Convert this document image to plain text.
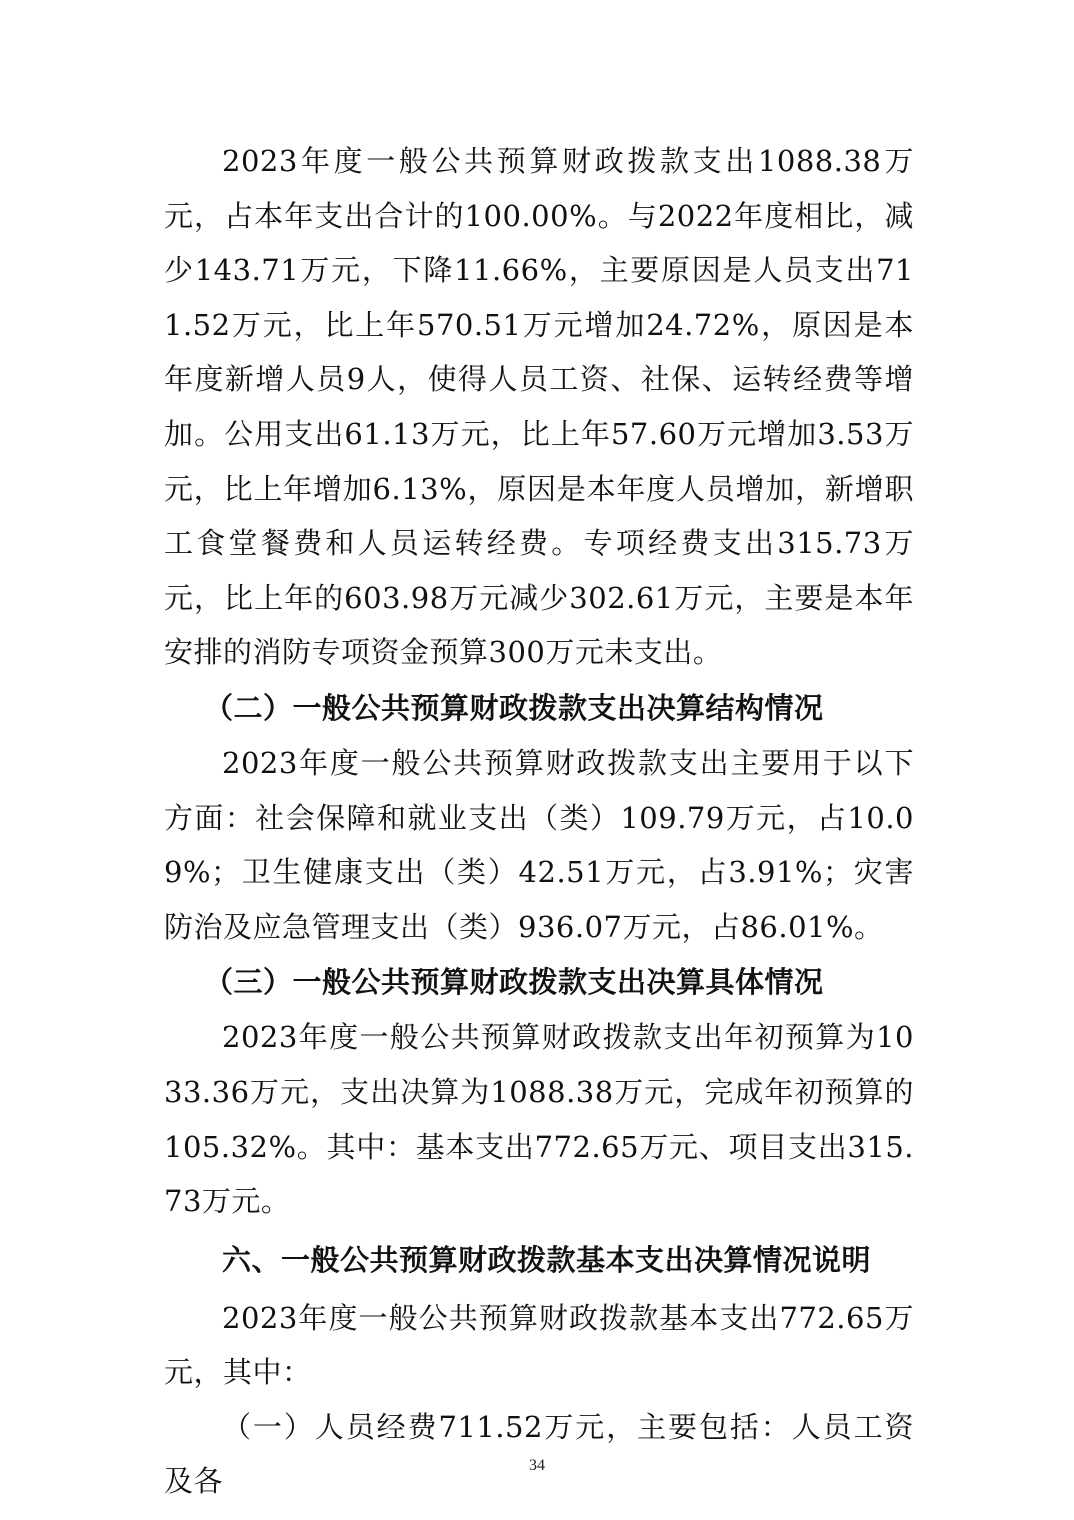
2023年度一般公共预算财政拨款支出1088.38万元，占本年支出合计的100.00%。与2022年度相比，减少143.71万元，下降11.66%，主要原因是人员支出711.52万元，比上年570.51万元增加24.72%，原因是本年度新增人员9人，使得人员工资、社保、运转经费等增加。公用支出61.13万元，比上年57.60万元增加3.53万元，比上年增加6.13%，原因是本年度人员增加，新增职工食堂餐费和人员运转经费。专项经费支出315.73万元，比上年的603.98万元减少302.61万元，主要是本年安排的消防专项资金预算300万元未支出。

（二）一般公共预算财政拨款支出决算结构情况

2023年度一般公共预算财政拨款支出主要用于以下方面：社会保障和就业支出（类）109.79万元，占10.09%；卫生健康支出（类）42.51万元，占3.91%；灾害防治及应急管理支出（类）936.07万元，占86.01%。

（三）一般公共预算财政拨款支出决算具体情况

2023年度一般公共预算财政拨款支出年初预算为1033.36万元，支出决算为1088.38万元，完成年初预算的105.32%。其中：基本支出772.65万元、项目支出315.73万元。

六、一般公共预算财政拨款基本支出决算情况说明

2023年度一般公共预算财政拨款基本支出772.65万元，其中：

（一）人员经费711.52万元，主要包括：人员工资及各	34
